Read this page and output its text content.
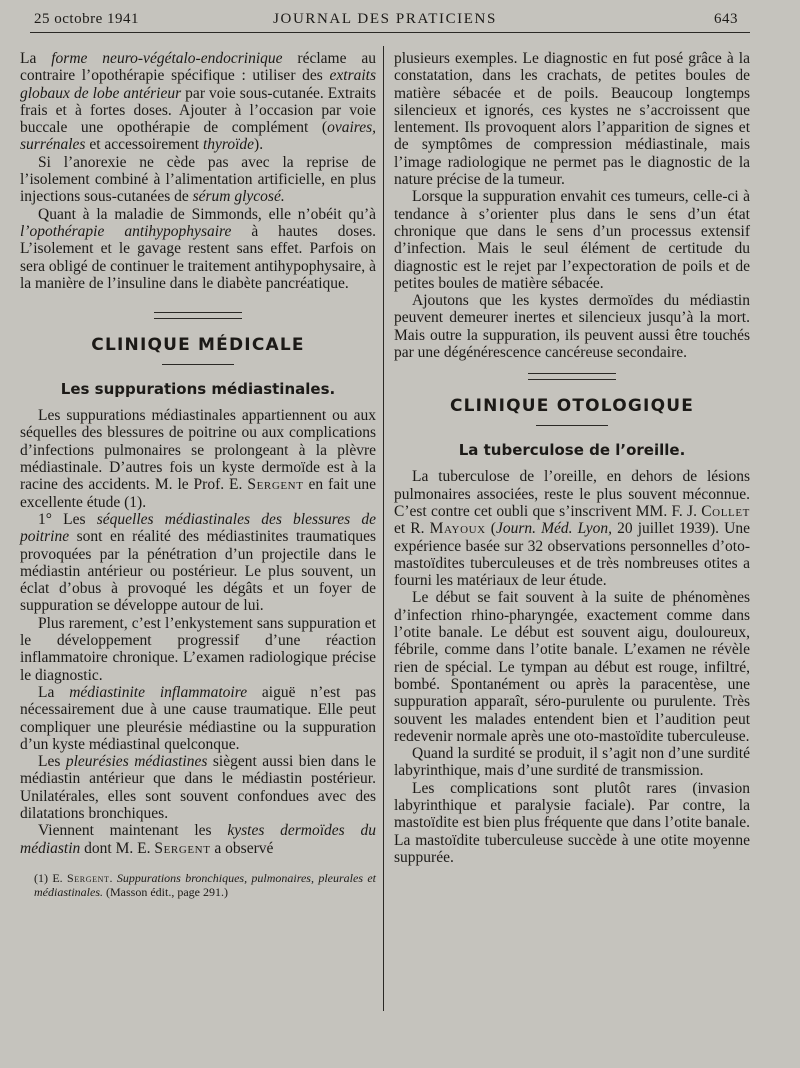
25 octobre 1941	JOURNAL DES PRATICIENS	643

La forme neuro-végétalo-endocrinique réclame au contraire l’opothérapie spécifique : utiliser des extraits globaux de lobe antérieur par voie sous-cutanée. Extraits frais et à fortes doses. Ajouter à l’occasion par voie buccale une opothérapie de complément (ovaires, surrénales et accessoirement thyroïde).

Si l’anorexie ne cède pas avec la reprise de l’isolement combiné à l’alimentation artificielle, en plus injections sous-cutanées de sérum glycosé.

Quant à la maladie de Simmonds, elle n’obéit qu’à l’opothérapie antihypophysaire à hautes doses. L’isolement et le gavage restent sans effet. Parfois on sera obligé de continuer le traitement antihypophysaire, à la manière de l’insuline dans le diabète pancréatique.

CLINIQUE MÉDICALE
Les suppurations médiastinales.

Les suppurations médiastinales appartiennent ou aux séquelles des blessures de poitrine ou aux complications d’infections pulmonaires se prolongeant à la plèvre médiastinale. D’autres fois un kyste dermoïde est à la racine des accidents. M. le Prof. E. Sergent en fait une excellente étude (1).

1° Les séquelles médiastinales des blessures de poitrine sont en réalité des médiastinites traumatiques provoquées par la pénétration d’un projectile dans le médiastin antérieur ou postérieur. Le plus souvent, un éclat d’obus à provoqué les dégâts et un foyer de suppuration se développe autour de lui.

Plus rarement, c’est l’enkystement sans suppuration et le développement progressif d’une réaction inflammatoire chronique. L’examen radiologique précise le diagnostic.

La médiastinite inflammatoire aiguë n’est pas nécessairement due à une cause traumatique. Elle peut compliquer une pleurésie médiastine ou la suppuration d’un kyste médiastinal quelconque.

Les pleurésies médiastines siègent aussi bien dans le médiastin antérieur que dans le médiastin postérieur. Unilatérales, elles sont souvent confondues avec des dilatations bronchiques.

Viennent maintenant les kystes dermoïdes du médiastin dont M. E. Sergent a observé

(1) E. Sergent. Suppurations bronchiques, pulmonaires, pleurales et médiastinales. (Masson édit., page 291.)

plusieurs exemples. Le diagnostic en fut posé grâce à la constatation, dans les crachats, de petites boules de matière sébacée et de poils. Beaucoup longtemps silencieux et ignorés, ces kystes ne s’accroissent que lentement. Ils provoquent alors l’apparition de signes et de symptômes de compression médiastinale, mais l’image radiologique ne permet pas le diagnostic de la nature précise de la tumeur.

Lorsque la suppuration envahit ces tumeurs, celle-ci à tendance à s’orienter plus dans le sens d’un état chronique que dans le sens d’un processus extensif d’infection. Mais le seul élément de certitude du diagnostic est le rejet par l’expectoration de poils et de petites boules de matière sébacée.

Ajoutons que les kystes dermoïdes du médiastin peuvent demeurer inertes et silencieux jusqu’à la mort. Mais outre la suppuration, ils peuvent aussi être touchés par une dégénérescence cancéreuse secondaire.

CLINIQUE OTOLOGIQUE
La tuberculose de l’oreille.

La tuberculose de l’oreille, en dehors de lésions pulmonaires associées, reste le plus souvent méconnue. C’est contre cet oubli que s’inscrivent MM. F. J. Collet et R. Mayoux (Journ. Méd. Lyon, 20 juillet 1939). Une expérience basée sur 32 observations personnelles d’oto-mastoïdites tuberculeuses et de très nombreuses otites a fourni les matériaux de leur étude.

Le début se fait souvent à la suite de phénomènes d’infection rhino-pharyngée, exactement comme dans l’otite banale. Le début est souvent aigu, douloureux, fébrile, comme dans l’otite banale. L’examen ne révèle rien de spécial. Le tympan au début est rouge, infiltré, bombé. Spontanément ou après la paracentèse, une suppuration apparaît, séro-purulente ou purulente. Très souvent les malades entendent bien et l’audition peut redevenir normale après une oto-mastoïdite tuberculeuse.

Quand la surdité se produit, il s’agit non d’une surdité labyrinthique, mais d’une surdité de transmission.

Les complications sont plutôt rares (invasion labyrinthique et paralysie faciale). Par contre, la mastoïdite est bien plus fréquente que dans l’otite banale. La mastoïdite tuberculeuse succède à une otite moyenne suppurée.
